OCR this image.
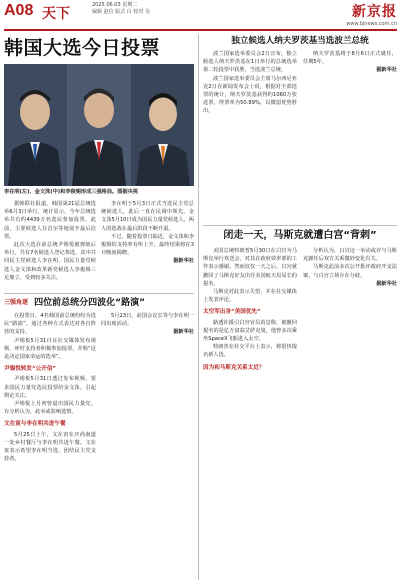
A08 天下
2025.06.03 星期二
编辑 赵信 版式 白 校对 吴	新京报
www.bjnews.com.cn
韩国大选今日投票
李在明(左)、金文洙(中)和李俊锡形成三强格局。图据央视

据韩联社报道，韩国第21届总统选举6月3日举行。统计显示，今年总统选举共有约4439万名选民参加投票，此前，主要候选人在首尔等地展开最后拉票。

此次大选在前总统尹锡悦被弹劾后举行，共有7名候选人登记参选，其中共同民主党候选人李在明、国民力量党候选人金文洙和改革新党候选人李俊锡三足鼎立，受到较多关注。

李在明于5月3日正式当选民主党总统候选人，此后一直在民调中领先。金文洙5月10日成为国民力量党候选人，两人的选战在最后阶段不断升温。

不过，随着投票日临近，金文洙和李俊锡的支持率有所上升。最终结果将在3日晚间揭晓。

据新华社

三强角逐 四位前总统分四波化“路演”

在投票日，4名韩国前总统纷纷为选民“路演”，通过各种方式表达对各自阵营的支持。

尹锡悦5月31日在社交媒体发布视频，呼吁支持者积极参加投票，并称“这是决定国家命运的选举”。

尹锡悦转发“公开信”

尹锡悦5月31日透过发布视频，要求国民力量党选民投票给金文洙，引起舆论关注。

尹锡悦上月初曾退出国民力量党。有分析认为，此举或影响选情。

文在寅与李在明共进午餐

5月25日上午，文在寅在庆尚南道一处乡村餐厅与李在明共进午餐。文在寅表示希望李在明当选，团结民主党支持者。

5月23日，前国会议长等与李在明一同出席活动。

据新华社

独立候选人纳夫罗茨基当选波兰总统

波兰国家选举委员会2日宣布，独立候选人纳夫罗茨基在1日举行的总统选举第二轮投票中获胜，当选波兰总统。

波兰国家选举委员会主席马尔西尼亚克2日在新闻发布会上说，根据对全部选票的统计，纳夫罗茨基获得约1060万张选票，得票率为50.89%，以微弱优势胜出。

纳夫罗茨基将于8月6日正式就任，任期5年。

据新华社

闭走一天，马斯克就遭白宫“背刺”

美国总统特朗普5月30日在白宫为马斯克举行欢送会，对其在政府效率部的工作表示感谢。然而仅仅一天之后，白宫就撤回了马斯克好友出任美国航天局局长的提名。

马斯克对此表示失望，并在社交媒体上发表评论。

太空军出身“美国优先”

路透社援引白宫官员消息称，被撤回提名的是亿万富翁艾萨克曼。他曾多次乘坐SpaceX飞船进入太空。

特朗普在社交平台上表示，将很快提名新人选。

因为和马斯克关系太近？

分析认为，白宫这一举动或许与马斯克卸任后双方关系微妙变化有关。

马斯克此前多次公开批评政府开支法案，与白宫立场存在分歧。

据新华社
